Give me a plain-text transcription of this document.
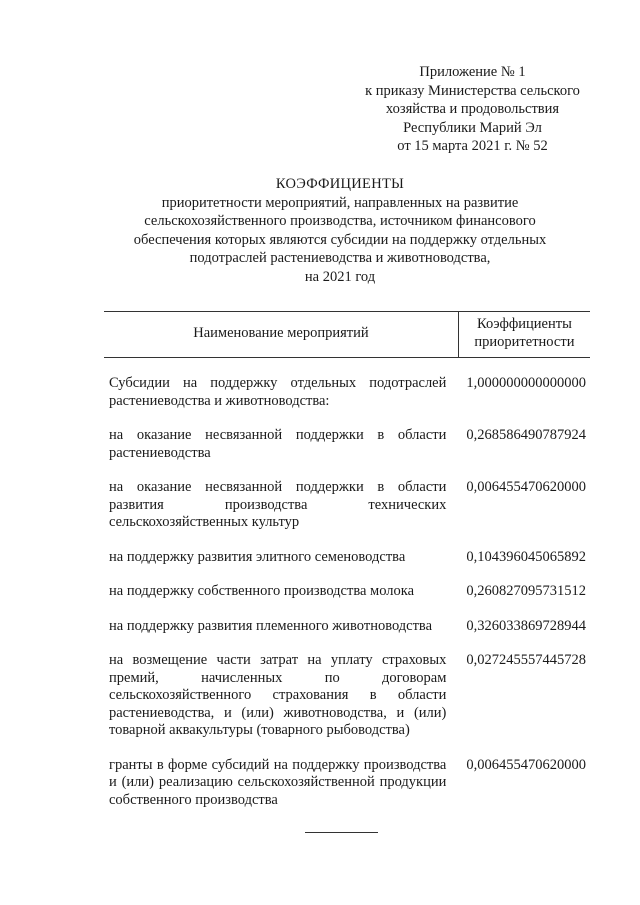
Приложение № 1
к приказу Министерства сельского
хозяйства и продовольствия
Республики Марий Эл
от 15 марта 2021 г. № 52
КОЭФФИЦИЕНТЫ
приоритетности мероприятий, направленных на развитие
сельскохозяйственного производства, источником финансового
обеспечения которых являются субсидии на поддержку отдельных
подотраслей растениеводства и животноводства,
на 2021 год
Наименование мероприятий	Коэффициенты приоритетности

Субсидии на поддержку отдельных подотраслей растениеводства и животноводства:	1,000000000000000

на оказание несвязанной поддержки в области растениеводства	0,268586490787924

на оказание несвязанной поддержки в области развития производства технических сельскохозяйственных культур	0,006455470620000

на поддержку развития элитного семеноводства	0,104396045065892

на поддержку собственного производства молока	0,260827095731512

на поддержку развития племенного животноводства	0,326033869728944

на возмещение части затрат на уплату страховых премий, начисленных по договорам сельскохозяйственного страхования в области растениеводства, и (или) животноводства, и (или) товарной аквакультуры (товарного рыбоводства)	0,027245557445728

гранты в форме субсидий на поддержку производства и (или) реализацию сельскохозяйственной продукции собственного производства	0,006455470620000
